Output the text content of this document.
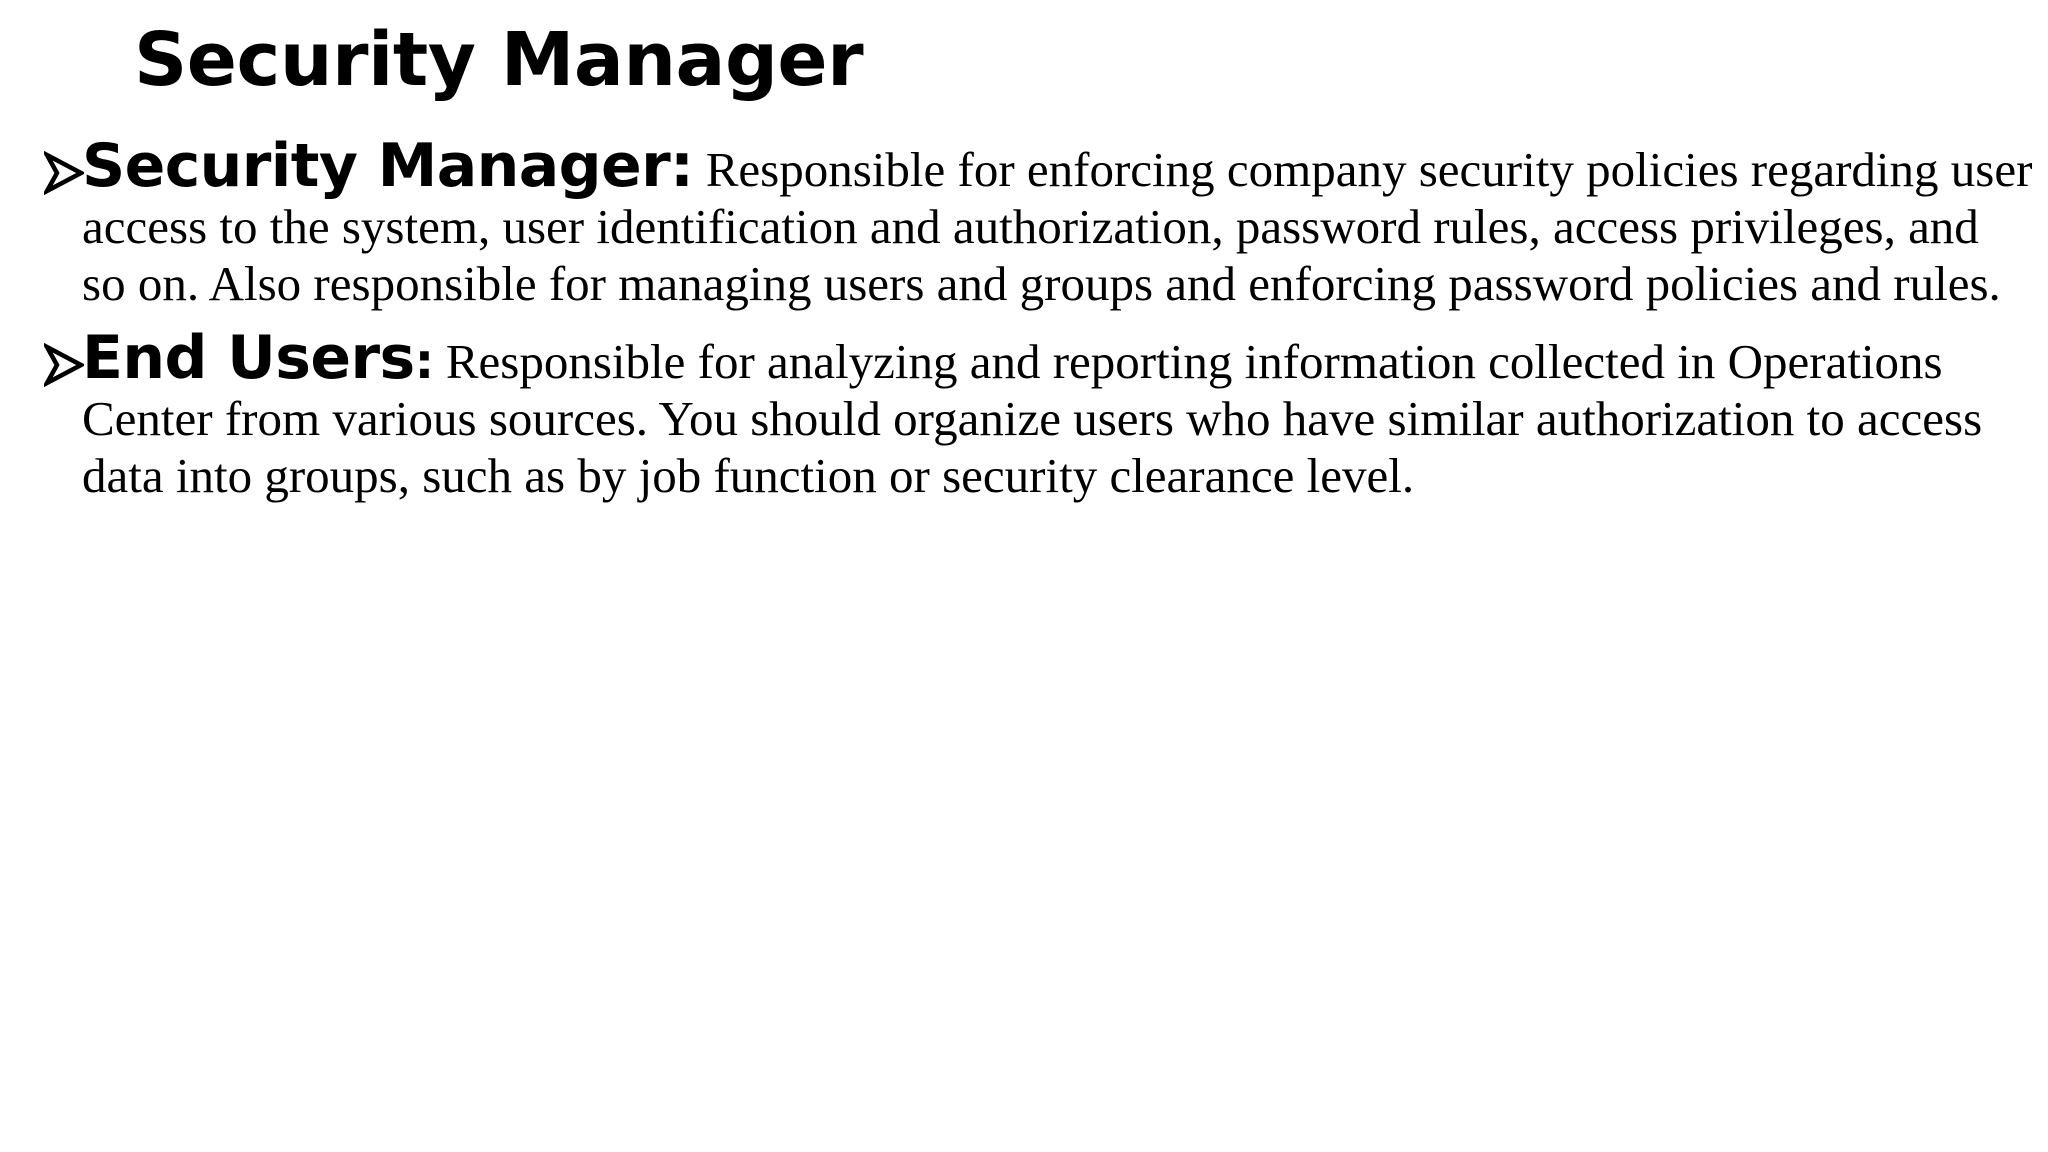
Security Manager
Security Manager: Responsible for enforcing company security policies regarding user access to the system, user identification and authorization, password rules, access privileges, and so on. Also responsible for managing users and groups and enforcing password policies and rules.
End Users: Responsible for analyzing and reporting information collected in Operations Center from various sources. You should organize users who have similar authorization to access data into groups, such as by job function or security clearance level.
